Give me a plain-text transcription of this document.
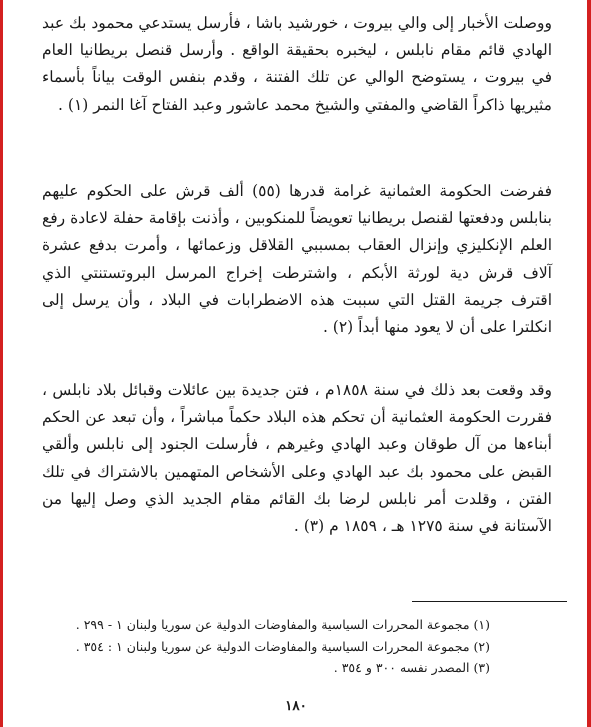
ووصلت الأخبار إلى والي بيروت ، خورشيد باشا ، فأرسل يستدعي محمود بك عبد الهادي قائم مقام نابلس ، ليخبره بحقيقة الواقع . وأرسل قنصل بريطانيا العام في بيروت ، يستوضح الوالي عن تلك الفتنة ، وقدم بنفس الوقت بياناً بأسماء مثيريها ذاكراً القاضي والمفتي والشيخ محمد عاشور وعبد الفتاح آغا النمر (١) .

ففرضت الحكومة العثمانية غرامة قدرها (٥٥) ألف قرش على الحكوم عليهم بنابلس ودفعتها لقنصل بريطانيا تعويضاً للمنكوبين ، وأذنت بإقامة حفلة لاعادة رفع العلم الإنكليزي وإنزال العقاب بمسببي القلاقل وزعمائها ، وأمرت بدفع عشرة آلاف قرش دية لورثة الأبكم ، واشترطت إخراج المرسل البروتستنتي الذي اقترف جريمة القتل التي سببت هذه الاضطرابات في البلاد ، وأن يرسل إلى انكلترا على أن لا يعود منها أبداً (٢) .

وقد وقعت بعد ذلك في سنة ١٨٥٨م ، فتن جديدة بين عائلات وقبائل بلاد نابلس ، فقررت الحكومة العثمانية أن تحكم هذه البلاد حكماً مباشراً ، وأن تبعد عن الحكم أبناءها من آل طوقان وعبد الهادي وغيرهم ، فأرسلت الجنود إلى نابلس وألقي القبض على محمود بك عبد الهادي وعلى الأشخاص المتهمين بالاشتراك في تلك الفتن ، وقلدت أمر نابلس لرضا بك القائم مقام الجديد الذي وصل إليها من الآستانة في سنة ١٢٧٥ هـ ، ١٨٥٩ م (٣) .

(١) مجموعة المحررات السياسية والمفاوضات الدولية عن سوريا ولبنان ١ - ٢٩٩ .
(٢) مجموعة المحررات السياسية والمفاوضات الدولية عن سوريا ولبنان ١ : ٣٥٤ .
(٣) المصدر نفسه ٣٠٠ و ٣٥٤ .
١٨٠
